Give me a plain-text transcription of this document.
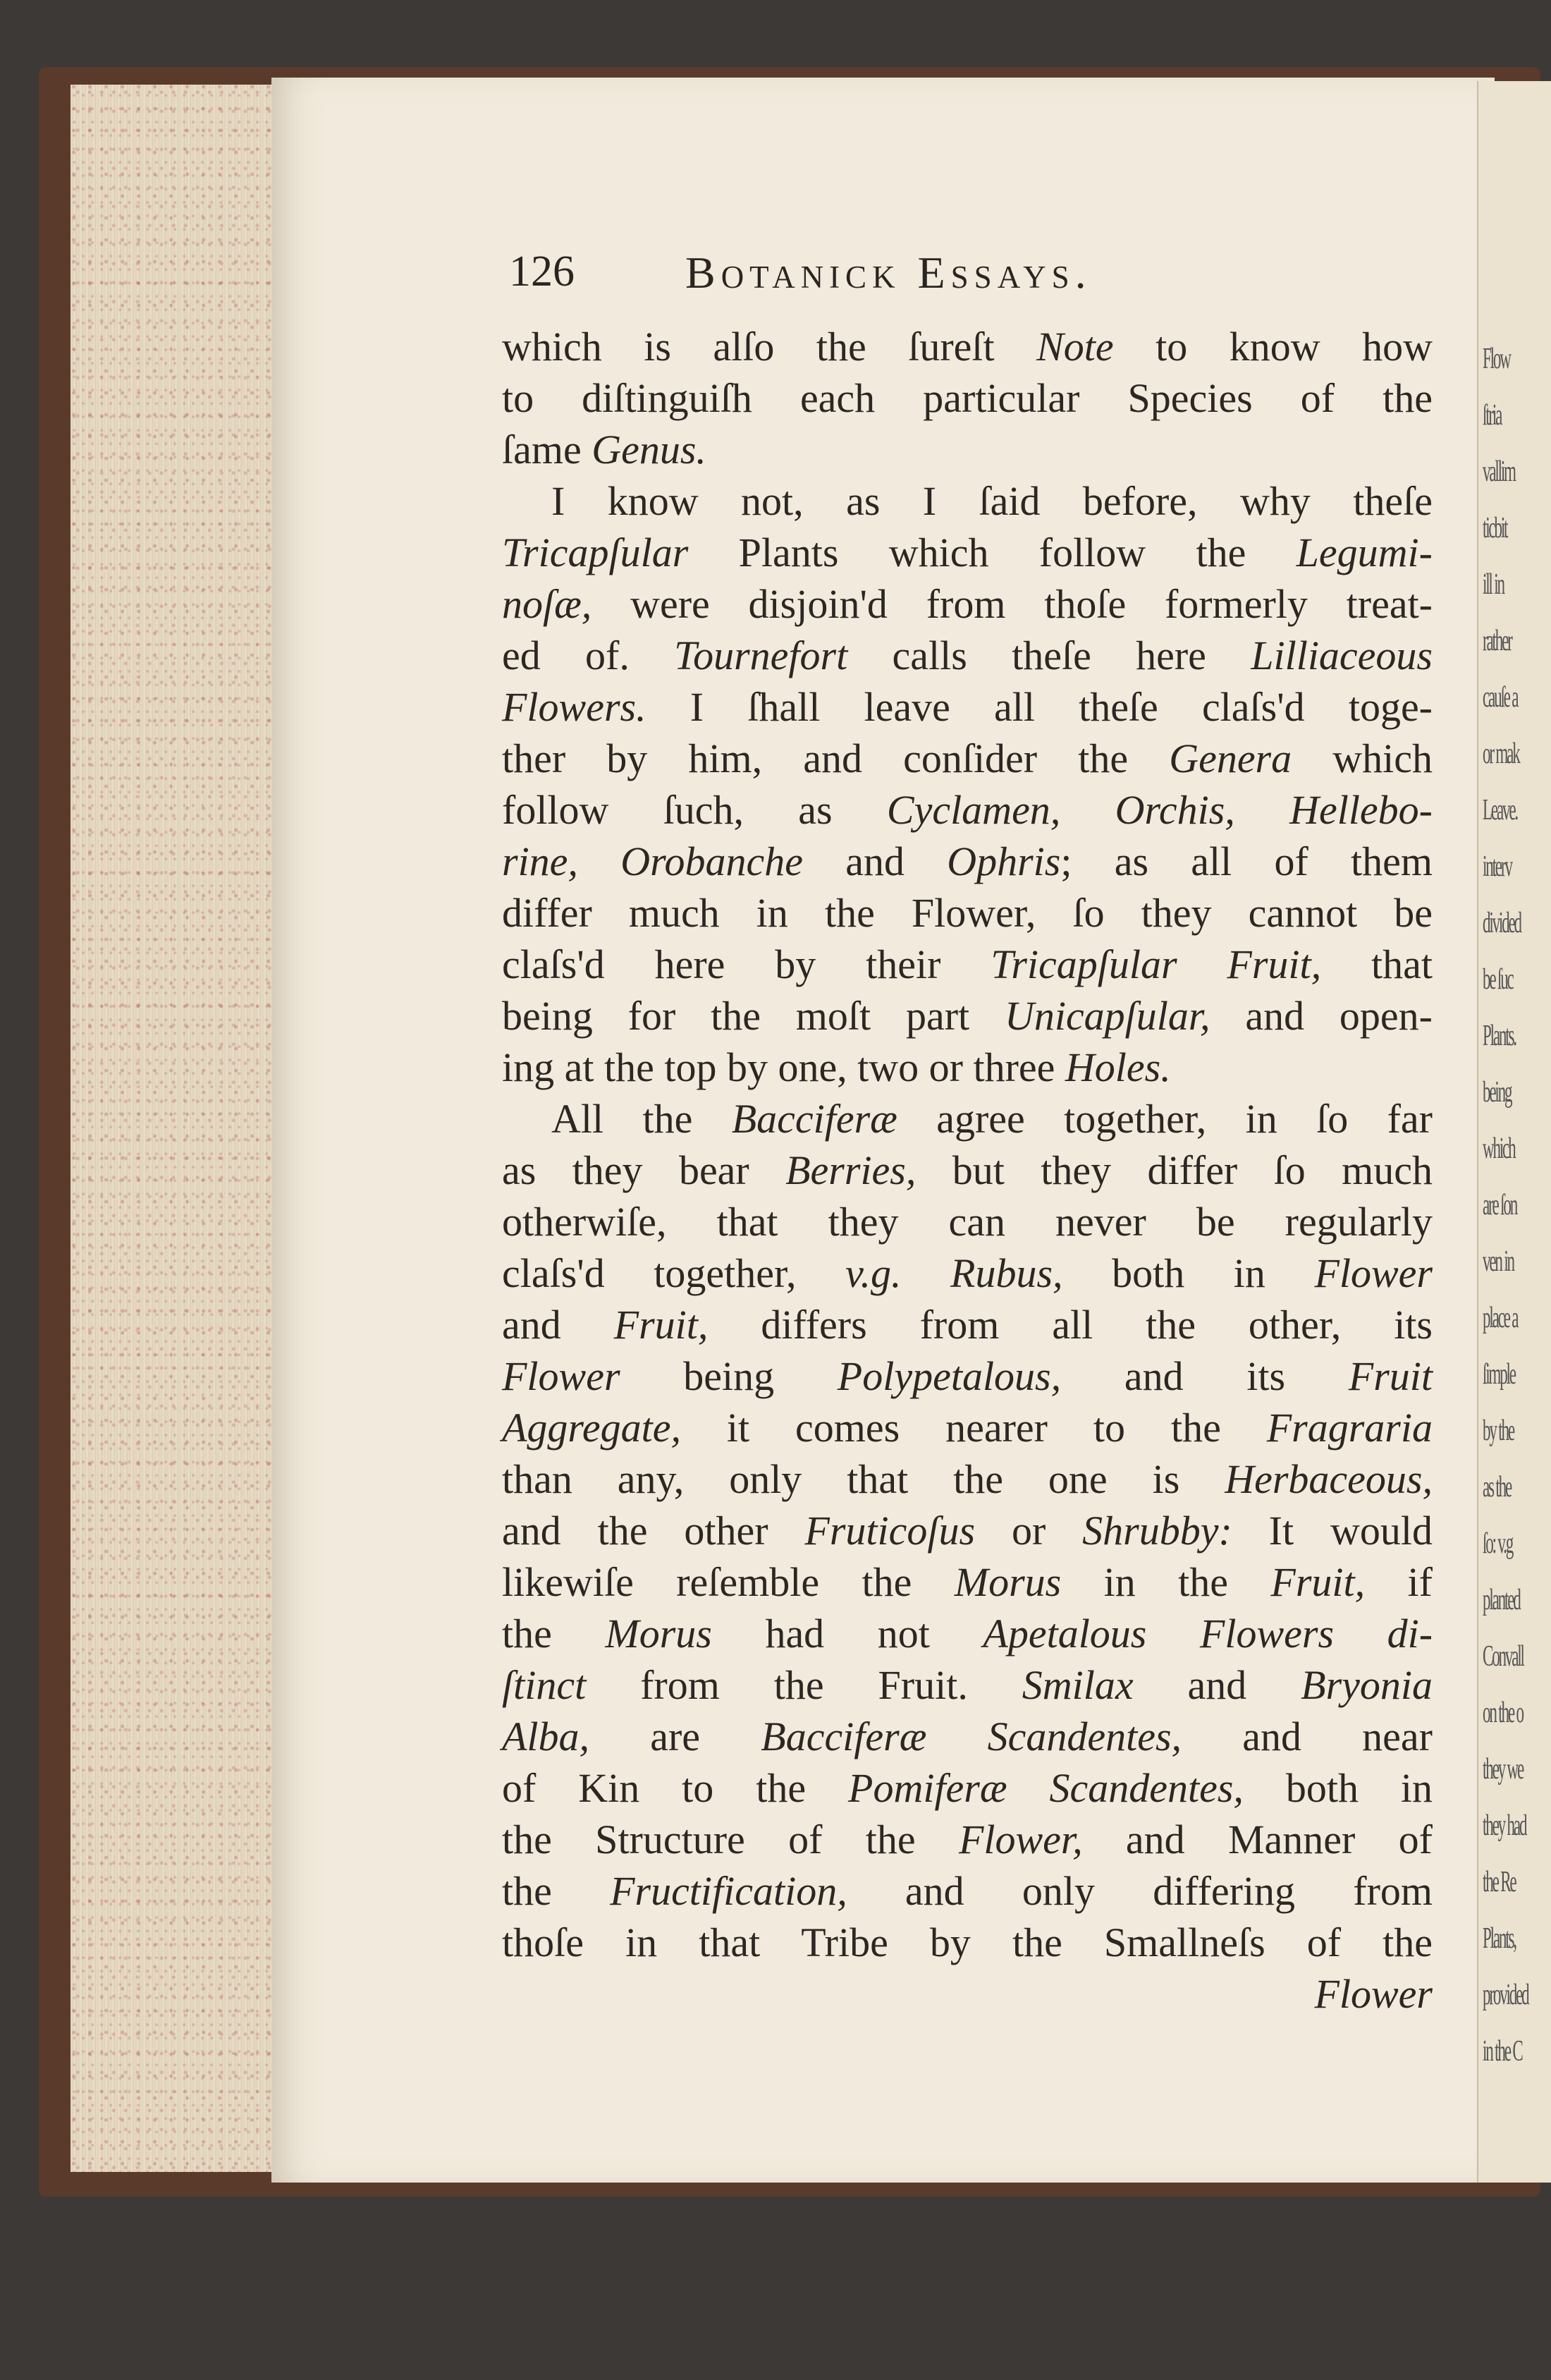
Flow
ſtria
vallim
ticbit
ill in
rather
cauſe a
or mak
Leave.
interv
divided
be ſuc
Plants.
being
which
are ſon
ven in
place a
ſimple
by the
as the
ſo: v.g
planted
Convall
on the o
they we
they had
the Re
Plants,
provided
in the C
126 Botanick Essays.
which is alſo the ſureſt Note to know how
to diſtinguiſh each particular Species of the
ſame Genus.
I know not, as I ſaid before, why theſe
Tricapſular Plants which follow the Legumi-
noſæ, were disjoin'd from thoſe formerly treat-
ed of. Tournefort calls theſe here Lilliaceous
Flowers. I ſhall leave all theſe claſs'd toge-
ther by him, and conſider the Genera which
follow ſuch, as Cyclamen, Orchis, Hellebo-
rine, Orobanche and Ophris; as all of them
differ much in the Flower, ſo they cannot be
claſs'd here by their Tricapſular Fruit, that
being for the moſt part Unicapſular, and open-
ing at the top by one, two or three Holes.
All the Bacciferæ agree together, in ſo far
as they bear Berries, but they differ ſo much
otherwiſe, that they can never be regularly
claſs'd together, v.g. Rubus, both in Flower
and Fruit, differs from all the other, its
Flower being Polypetalous, and its Fruit
Aggregate, it comes nearer to the Fragraria
than any, only that the one is Herbaceous,
and the other Fruticoſus or Shrubby: It would
likewiſe reſemble the Morus in the Fruit, if
the Morus had not Apetalous Flowers di-
ſtinct from the Fruit. Smilax and Bryonia
Alba, are Bacciferæ Scandentes, and near
of Kin to the Pomiferæ Scandentes, both in
the Structure of the Flower, and Manner of
the Fructification, and only differing from
thoſe in that Tribe by the Smallneſs of the
Flower
